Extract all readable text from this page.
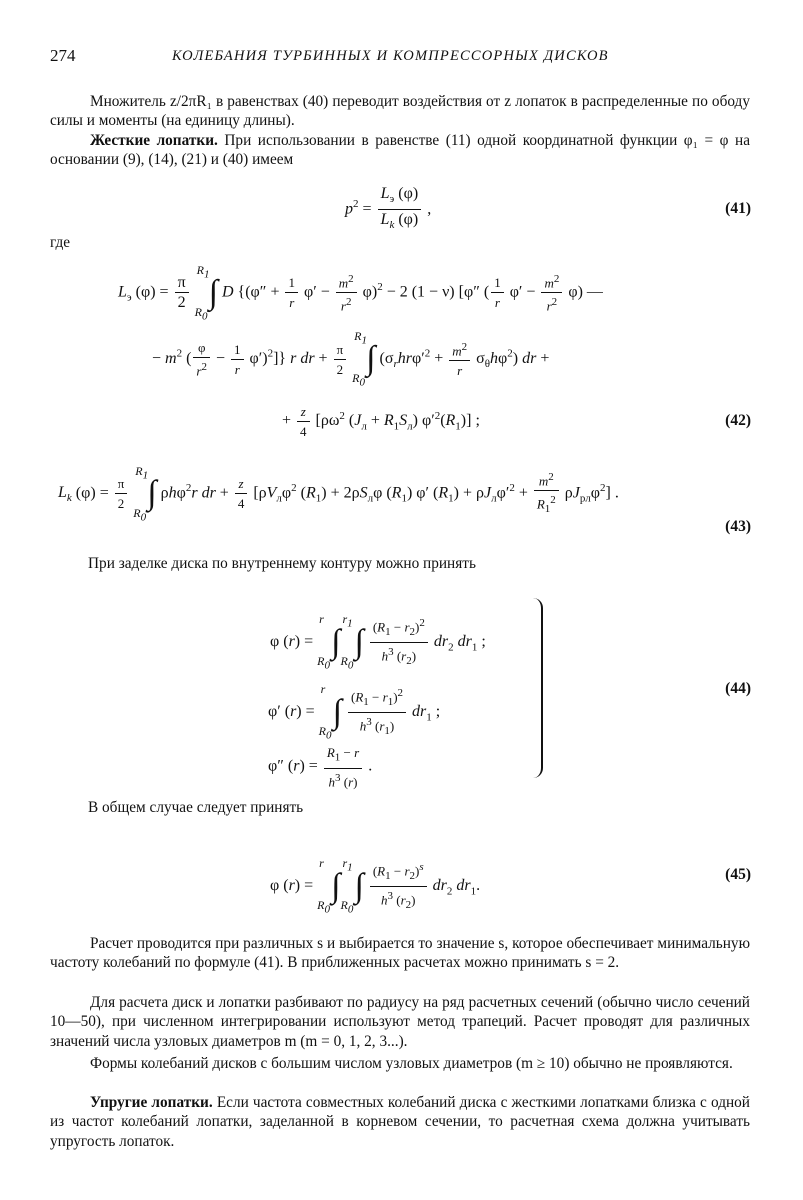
274	КОЛЕБАНИЯ ТУРБИННЫХ И КОМПРЕССОРНЫХ ДИСКОВ
Множитель z/2πR₁ в равенствах (40) переводит воздействия от z лопаток в распределенные по ободу силы и моменты (на единицу длины).
Жесткие лопатки. При использовании в равенстве (11) одной координатной функции φ₁ = φ на основании (9), (14), (21) и (40) имеем
$p^2 = \frac{L_э (\varphi)}{L_k (\varphi)}$ ,	(41)
где
$L_э$ $(\varphi) = \frac{\pi}{2}$

$R_1$
$R_0$
∫ D {$(\varphi'' + \frac{1}{r} \varphi' - \frac{m^2}{r^2} \varphi)^2 - 2$ (1 − ν) [φ″ ( $\frac{1}{r} \varphi' - \frac{m^2}{r^2} \varphi$) —
− $m^2$ ( $\frac{\varphi}{r^2} - \frac{1}{r} \varphi')^2$]} r dr + $\frac{\pi}{2}$

$R_1$
$R_0$
∫ $(\sigma_rhr\varphi'^2 + \frac{m^2}{r} \sigma_\theta h\varphi^2)$ dr +
+ $\frac{z}{4} [\rho\omega^2$ $(J_л + R_1S_л)$ $\varphi'^2(R_1)$] ;	(42)
$L_k$ $(\varphi) = \frac{\pi}{2}$

$R_1$
$R_0$
∫ ρhφ$^2$r dr + $\frac{z}{4} [\rho V_л\varphi^2$ $(R_1) + 2\rho S_л\varphi$ $(R_1)$ φ′ $(R_1) + \rho J_л\varphi'^2 + \frac{m^2}{R_1^2} \rho J_{рл}\varphi^2$] .
(43)
При заделке диска по внутреннему контуру можно принять
φ (r) =
r
$R_0$
∫
$r_1$
$R_0$
∫ $\frac{(R_1 - r_2)^2}{h^3 (r_2)} dr_2$ $dr_1$ ;
φ′ (r) =
r
$R_0$
∫ $\frac{(R_1 - r_1)^2}{h^3 (r_1)} dr_1$ ;
φ″ $(r) = \frac{R_1 - r}{h^3 (r)}$ .
(44)
В общем случае следует принять
φ (r) =
r
$R_0$
∫
$r_1$
$R_0$
∫ $\frac{(R_1 - r_2)^s}{h^3 (r_2)} dr_2$ $dr_1$.
(45)
Расчет проводится при различных s и выбирается то значение s, которое обеспечивает минимальную частоту колебаний по формуле (41). В приближенных расчетах можно принимать s = 2.
Для расчета диск и лопатки разбивают по радиусу на ряд расчетных сечений (обычно число сечений 10—50), при численном интегрировании используют метод трапеций. Расчет проводят для различных значений числа узловых диаметров m (m = 0, 1, 2, 3...).
Формы колебаний дисков с большим числом узловых диаметров (m ≥ 10) обычно не проявляются.
Упругие лопатки. Если частота совместных колебаний диска с жесткими лопатками близка с одной из частот колебаний лопатки, заделанной в корневом сечении, то расчетная схема должна учитывать упругость лопаток.
